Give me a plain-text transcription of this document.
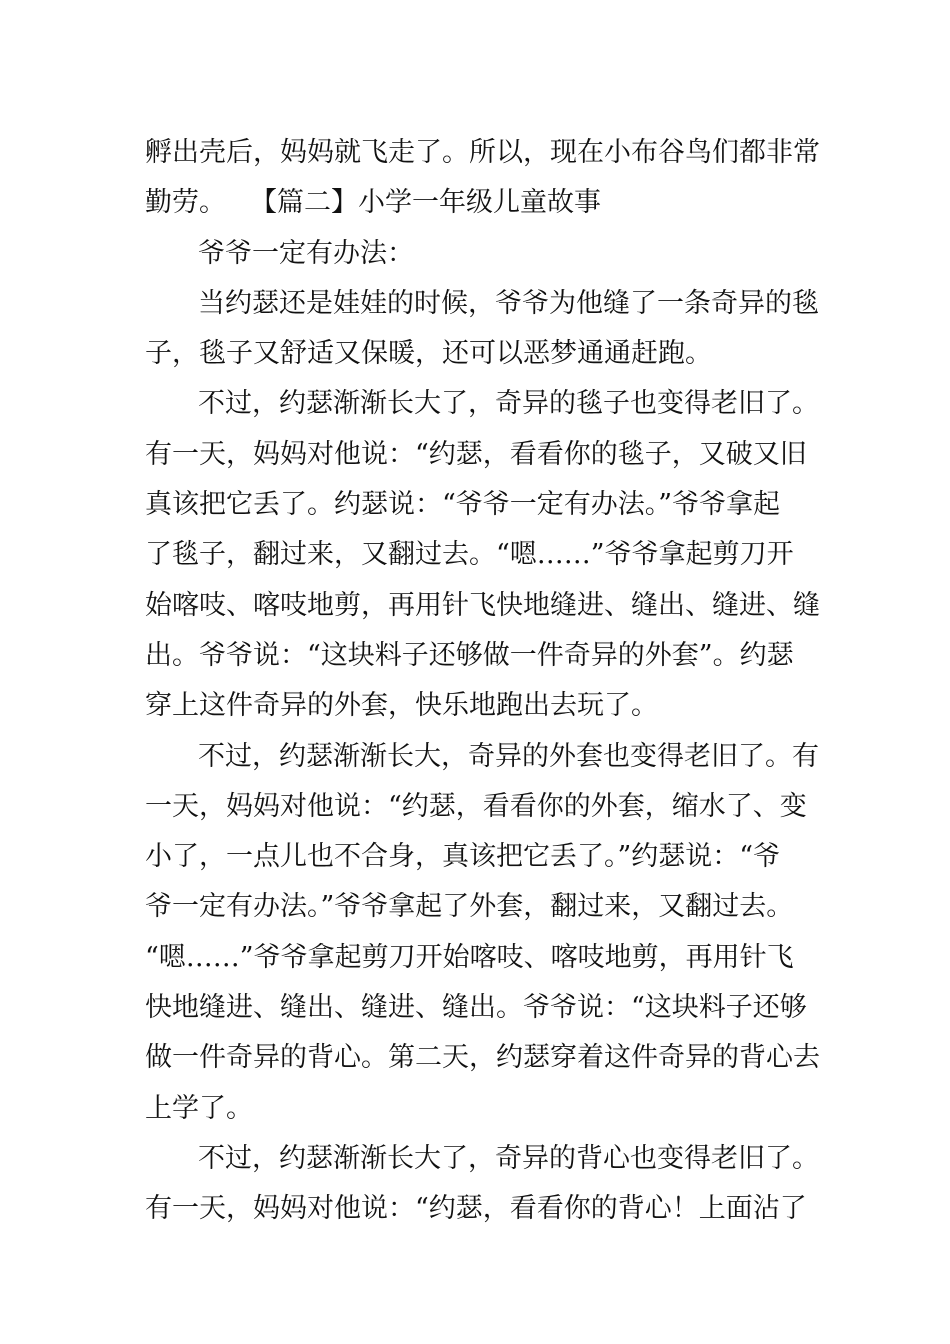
孵出壳后，妈妈就飞走了。所以，现在小布谷鸟们都非常
勤劳。 【篇二】小学一年级儿童故事
爷爷一定有办法：
当约瑟还是娃娃的时候，爷爷为他缝了一条奇异的毯
子，毯子又舒适又保暖，还可以恶梦通通赶跑。
不过，约瑟渐渐长大了，奇异的毯子也变得老旧了。
有一天，妈妈对他说：“约瑟，看看你的毯子，又破又旧
真该把它丢了。约瑟说：“爷爷一定有办法。”爷爷拿起
了毯子，翻过来，又翻过去。“嗯……”爷爷拿起剪刀开
始喀吱、喀吱地剪，再用针飞快地缝进、缝出、缝进、缝
出。爷爷说：“这块料子还够做一件奇异的外套”。约瑟
穿上这件奇异的外套，快乐地跑出去玩了。
不过，约瑟渐渐长大，奇异的外套也变得老旧了。有
一天，妈妈对他说：“约瑟，看看你的外套，缩水了、变
小了，一点儿也不合身，真该把它丢了。”约瑟说：“爷
爷一定有办法。”爷爷拿起了外套，翻过来，又翻过去。
“嗯……”爷爷拿起剪刀开始喀吱、喀吱地剪，再用针飞
快地缝进、缝出、缝进、缝出。爷爷说：“这块料子还够
做一件奇异的背心。第二天，约瑟穿着这件奇异的背心去
上学了。
不过，约瑟渐渐长大了，奇异的背心也变得老旧了。
有一天，妈妈对他说：“约瑟，看看你的背心！上面沾了
